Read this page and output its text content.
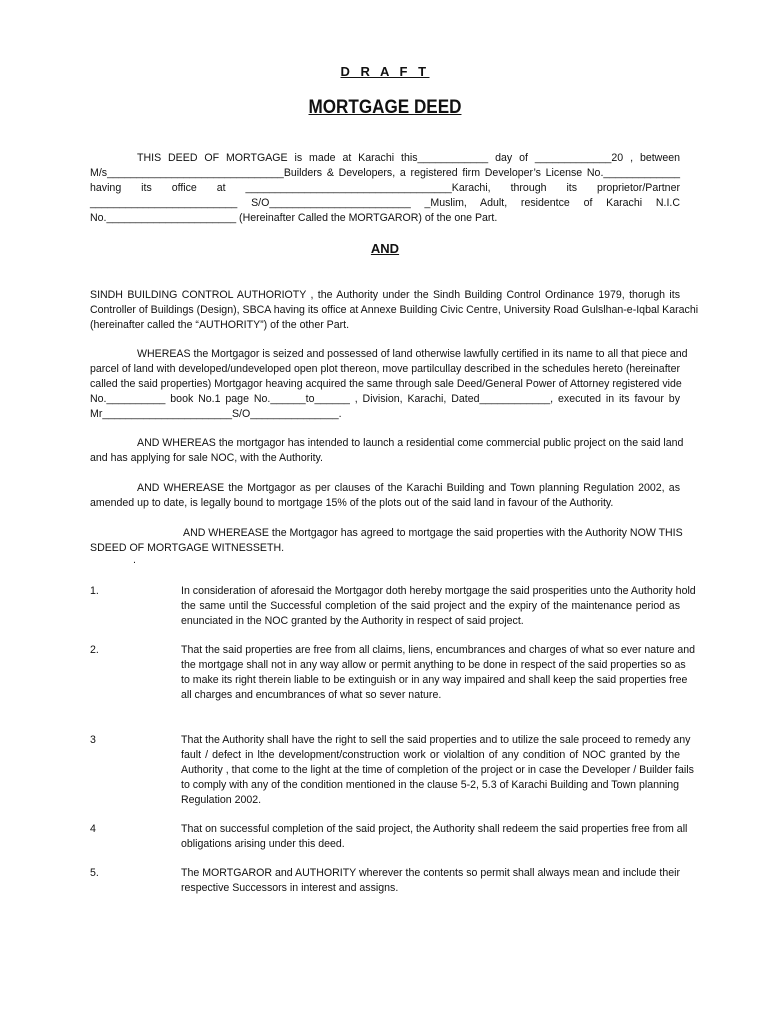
D R A F T
MORTGAGE DEED
THIS DEED OF MORTGAGE is made at Karachi this____________ day of _____________20 , between
M/s______________________________Builders & Developers, a registered firm Developer’s License No._____________
having its office at ___________________________________Karachi, through its proprietor/Partner
_________________________ S/O________________________ _Muslim, Adult, residentce of Karachi N.I.C
No.______________________ (Hereinafter Called the MORTGAROR) of the one Part.
AND
SINDH BUILDING CONTROL AUTHORIOTY , the Authority under the Sindh Building Control Ordinance 1979, thorugh its
Controller of Buildings (Design), SBCA having its office at Annexe Building Civic Centre, University Road Gulslhan-e-Iqbal Karachi
(hereinafter called the “AUTHORITY”) of the other Part.
WHEREAS the Mortgagor is seized and possessed of land otherwise lawfully certified in its name to all that piece and
parcel of land with developed/undeveloped open plot thereon, move partilcullay described in the schedules hereto (hereinafter
called the said properties) Mortgagor heaving acquired the same through sale Deed/General Power of Attorney registered vide
No.__________ book No.1 page No.______to______ , Division, Karachi, Dated____________, executed in its favour by
Mr______________________S/O_______________.
AND WHEREAS the mortgagor has intended to launch a residential come commercial public project on the said land
and has applying for sale NOC, with the Authority.
AND WHEREASE the Mortgagor as per clauses of the Karachi Building and Town planning Regulation 2002, as
amended up to date, is legally bound to mortgage 15% of the plots out of the said land in favour of the Authority.
AND WHEREASE the Mortgagor has agreed to mortgage the said properties with the Authority NOW THIS
SDEED OF MORTGAGE WITNESSETH.
.
1.	In consideration of aforesaid the Mortgagor doth hereby mortgage the said prosperities unto the Authority hold
the same until the Successful completion of the said project and the expiry of the maintenance period as
enunciated in the NOC granted by the Authority in respect of said project.
2.	That the said properties are free from all claims, liens, encumbrances and charges of what so ever nature and
the mortgage shall not in any way allow or permit anything to be done in respect of the said properties so as
to make its right therein liable to be extinguish or in any way impaired and shall keep the said properties free
all charges and encumbrances of what so sever nature.
3	That the Authority shall have the right to sell the said properties and to utilize the sale proceed to remedy any
fault / defect in lthe development/construction work or violaltion of any condition of NOC granted by the
Authority , that come to the light at the time of completion of the project or in case the Developer / Builder fails
to comply with any of the condition mentioned in the clause 5-2, 5.3 of Karachi Building and Town planning
Regulation 2002.
4	That on successful completion of the said project, the Authority shall redeem the said properties free from all
obligations arising under this deed.
5.	The MORTGAROR and AUTHORITY wherever the contents so permit shall always mean and include their
respective Successors in interest and assigns.
